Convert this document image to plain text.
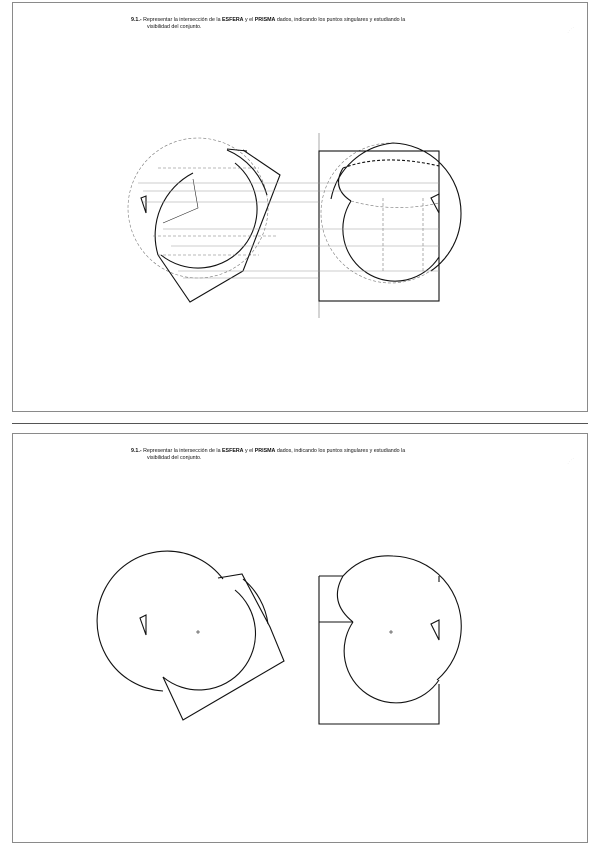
9.1.- Representar la intersección de la ESFERA y el PRISMA dados, indicando los puntos singulares y estudiando la
visibilidad del conjunto.	· · · ·
9.1.- Representar la intersección de la ESFERA y el PRISMA dados, indicando los puntos singulares y estudiando la
visibilidad del conjunto.	· · · ·
